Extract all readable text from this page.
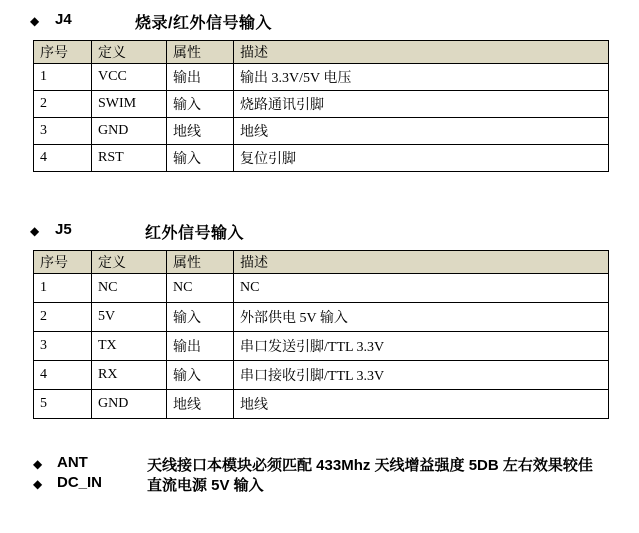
◆ J4	烧录/红外信号输入
序号	定义	属性	描述
1	VCC	输出	输出 3.3V/5V 电压
2	SWIM	输入	烧路通讯引脚
3	GND	地线	地线
4	RST	输入	复位引脚
◆ J5	红外信号输入
序号	定义	属性	描述
1	NC	NC	NC
2	5V	输入	外部供电 5V 输入
3	TX	输出	串口发送引脚/TTL 3.3V
4	RX	输入	串口接收引脚/TTL 3.3V
5	GND	地线	地线
◆ ANT	天线接口本模块必须匹配 433Mhz 天线增益强度 5DB 左右效果较佳
◆ DC_IN	直流电源 5V 输入
